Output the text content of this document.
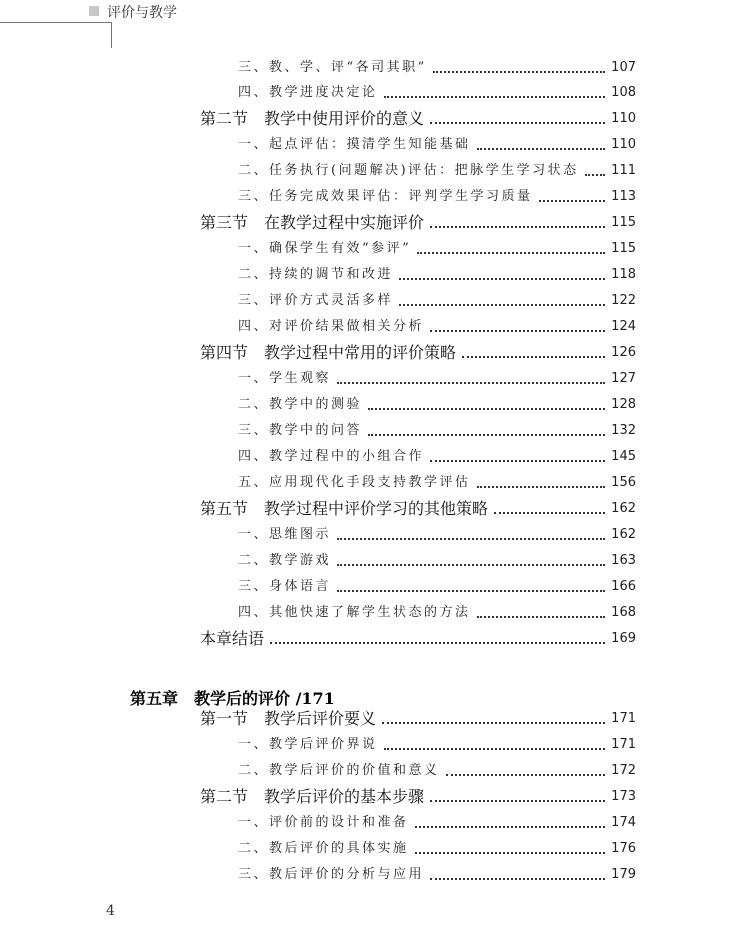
评价与教学
第五章　教学后的评价 /171
三、教、学、评“各司其职”	107
四、教学进度决定论	108
第二节　教学中使用评价的意义	110
一、起点评估：摸清学生知能基础	110
二、任务执行(问题解决)评估：把脉学生学习状态	111
三、任务完成效果评估：评判学生学习质量	113
第三节　在教学过程中实施评价	115
一、确保学生有效“参评”	115
二、持续的调节和改进	118
三、评价方式灵活多样	122
四、对评价结果做相关分析	124
第四节　教学过程中常用的评价策略	126
一、学生观察	127
二、教学中的测验	128
三、教学中的问答	132
四、教学过程中的小组合作	145
五、应用现代化手段支持教学评估	156
第五节　教学过程中评价学习的其他策略	162
一、思维图示	162
二、教学游戏	163
三、身体语言	166
四、其他快速了解学生状态的方法	168
本章结语	169
第一节　教学后评价要义	171
一、教学后评价界说	171
二、教学后评价的价值和意义	172
第二节　教学后评价的基本步骤	173
一、评价前的设计和准备	174
二、教后评价的具体实施	176
三、教后评价的分析与应用	179
4
